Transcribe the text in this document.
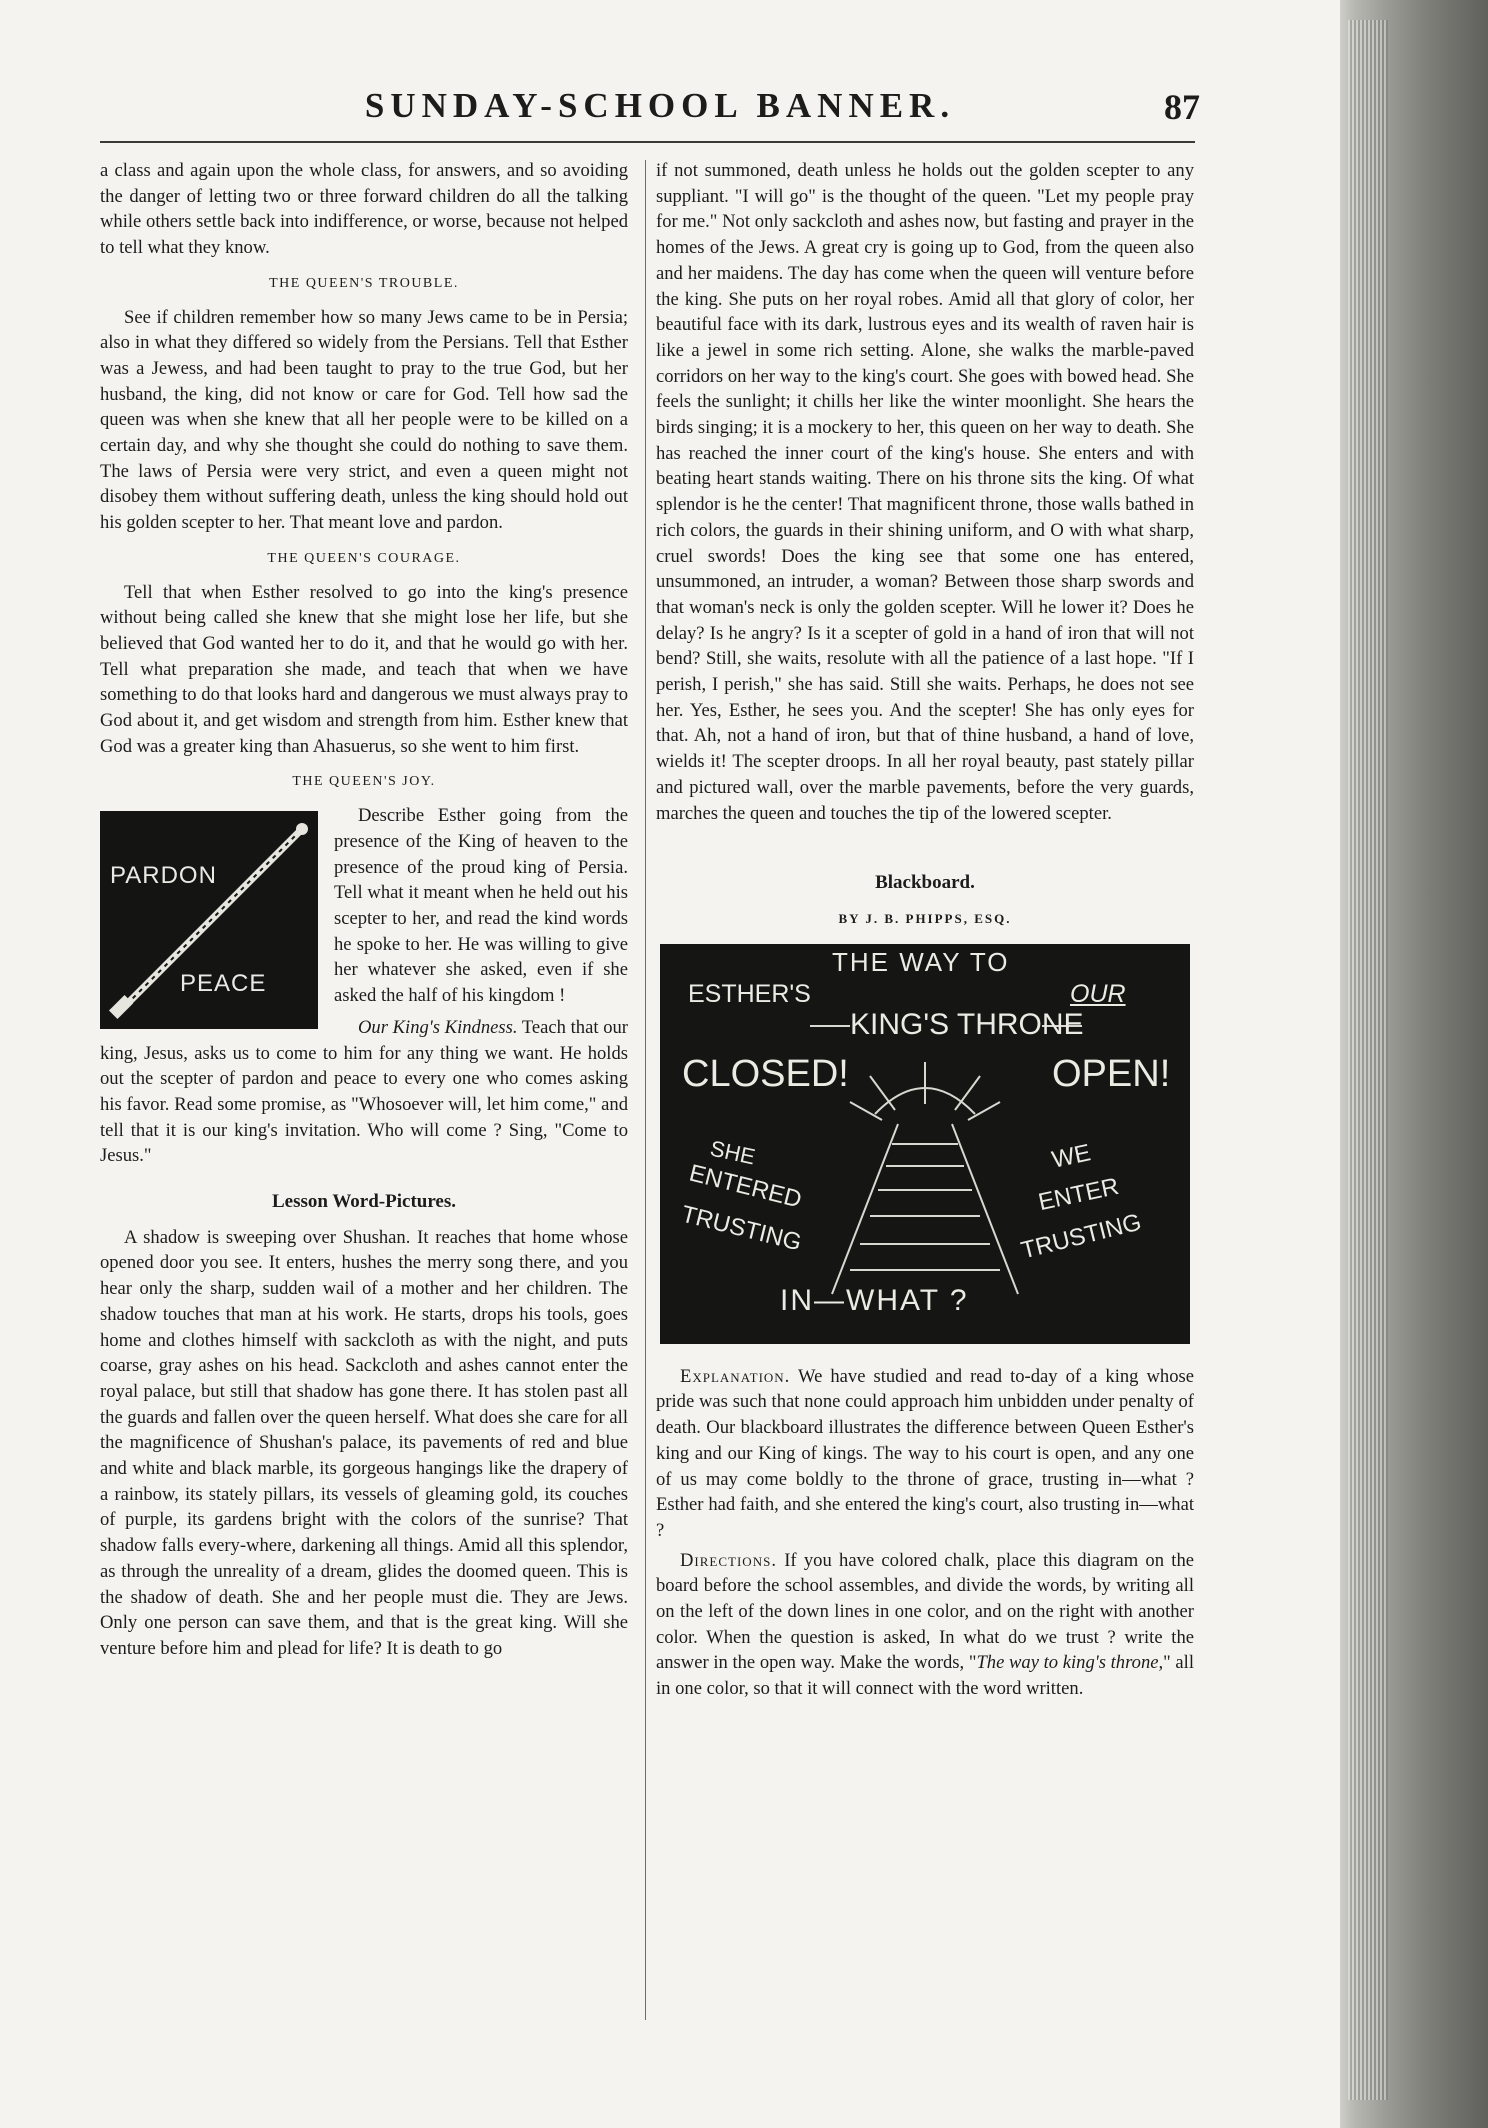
SUNDAY-SCHOOL BANNER.	87

a class and again upon the whole class, for answers, and so avoiding the danger of letting two or three forward children do all the talking while others settle back into indifference, or worse, because not helped to tell what they know.

THE QUEEN'S TROUBLE.

See if children remember how so many Jews came to be in Persia; also in what they differed so widely from the Persians. Tell that Esther was a Jewess, and had been taught to pray to the true God, but her husband, the king, did not know or care for God. Tell how sad the queen was when she knew that all her people were to be killed on a certain day, and why she thought she could do nothing to save them. The laws of Persia were very strict, and even a queen might not disobey them without suffering death, unless the king should hold out his golden scepter to her. That meant love and pardon.

THE QUEEN'S COURAGE.

Tell that when Esther resolved to go into the king's presence without being called she knew that she might lose her life, but she believed that God wanted her to do it, and that he would go with her. Tell what preparation she made, and teach that when we have something to do that looks hard and dangerous we must always pray to God about it, and get wisdom and strength from him. Esther knew that God was a greater king than Ahasuerus, so she went to him first.

THE QUEEN'S JOY.
PARDON
PEACE

Describe Esther going from the presence of the King of heaven to the presence of the proud king of Persia. Tell what it meant when he held out his scepter to her, and read the kind words he spoke to her. He was willing to give her whatever she asked, even if she asked the half of his kingdom !

Our King's Kindness. Teach that our king, Jesus, asks us to come to him for any thing we want. He holds out the scepter of pardon and peace to every one who comes asking his favor. Read some promise, as "Whosoever will, let him come," and tell that it is our king's invitation. Who will come ? Sing, "Come to Jesus."

Lesson Word-Pictures.

A shadow is sweeping over Shushan. It reaches that home whose opened door you see. It enters, hushes the merry song there, and you hear only the sharp, sudden wail of a mother and her children. The shadow touches that man at his work. He starts, drops his tools, goes home and clothes himself with sackcloth as with the night, and puts coarse, gray ashes on his head. Sackcloth and ashes cannot enter the royal palace, but still that shadow has gone there. It has stolen past all the guards and fallen over the queen herself. What does she care for all the magnificence of Shushan's palace, its pavements of red and blue and white and black marble, its gorgeous hangings like the drapery of a rainbow, its stately pillars, its vessels of gleaming gold, its couches of purple, its gardens bright with the colors of the sunrise? That shadow falls every-where, darkening all things. Amid all this splendor, as through the unreality of a dream, glides the doomed queen. This is the shadow of death. She and her people must die. They are Jews. Only one person can save them, and that is the great king. Will she venture before him and plead for life? It is death to go

if not summoned, death unless he holds out the golden scepter to any suppliant. "I will go" is the thought of the queen. "Let my people pray for me." Not only sackcloth and ashes now, but fasting and prayer in the homes of the Jews. A great cry is going up to God, from the queen also and her maidens. The day has come when the queen will venture before the king. She puts on her royal robes. Amid all that glory of color, her beautiful face with its dark, lustrous eyes and its wealth of raven hair is like a jewel in some rich setting. Alone, she walks the marble-paved corridors on her way to the king's court. She goes with bowed head. She feels the sunlight; it chills her like the winter moonlight. She hears the birds singing; it is a mockery to her, this queen on her way to death. She has reached the inner court of the king's house. She enters and with beating heart stands waiting. There on his throne sits the king. Of what splendor is he the center! That magnificent throne, those walls bathed in rich colors, the guards in their shining uniform, and O with what sharp, cruel swords! Does the king see that some one has entered, unsummoned, an intruder, a woman? Between those sharp swords and that woman's neck is only the golden scepter. Will he lower it? Does he delay? Is he angry? Is it a scepter of gold in a hand of iron that will not bend? Still, she waits, resolute with all the patience of a last hope. "If I perish, I perish," she has said. Still she waits. Perhaps, he does not see her. Yes, Esther, he sees you. And the scepter! She has only eyes for that. Ah, not a hand of iron, but that of thine husband, a hand of love, wields it! The scepter droops. In all her royal beauty, past stately pillar and pictured wall, over the marble pavements, before the very guards, marches the queen and touches the tip of the lowered scepter.

Blackboard.
BY J. B. PHIPPS, ESQ.
THE WAY TO
ESTHER'S	OUR
KING'S THRONE
CLOSED!	OPEN!
SHE
ENTERED
TRUSTING
WE
ENTER
TRUSTING
IN—WHAT ?

Explanation. We have studied and read to-day of a king whose pride was such that none could approach him unbidden under penalty of death. Our blackboard illustrates the difference between Queen Esther's king and our King of kings. The way to his court is open, and any one of us may come boldly to the throne of grace, trusting in—what ? Esther had faith, and she entered the king's court, also trusting in—what ?

Directions. If you have colored chalk, place this diagram on the board before the school assembles, and divide the words, by writing all on the left of the down lines in one color, and on the right with another color. When the question is asked, In what do we trust ? write the answer in the open way. Make the words, "The way to king's throne," all in one color, so that it will connect with the word written.
